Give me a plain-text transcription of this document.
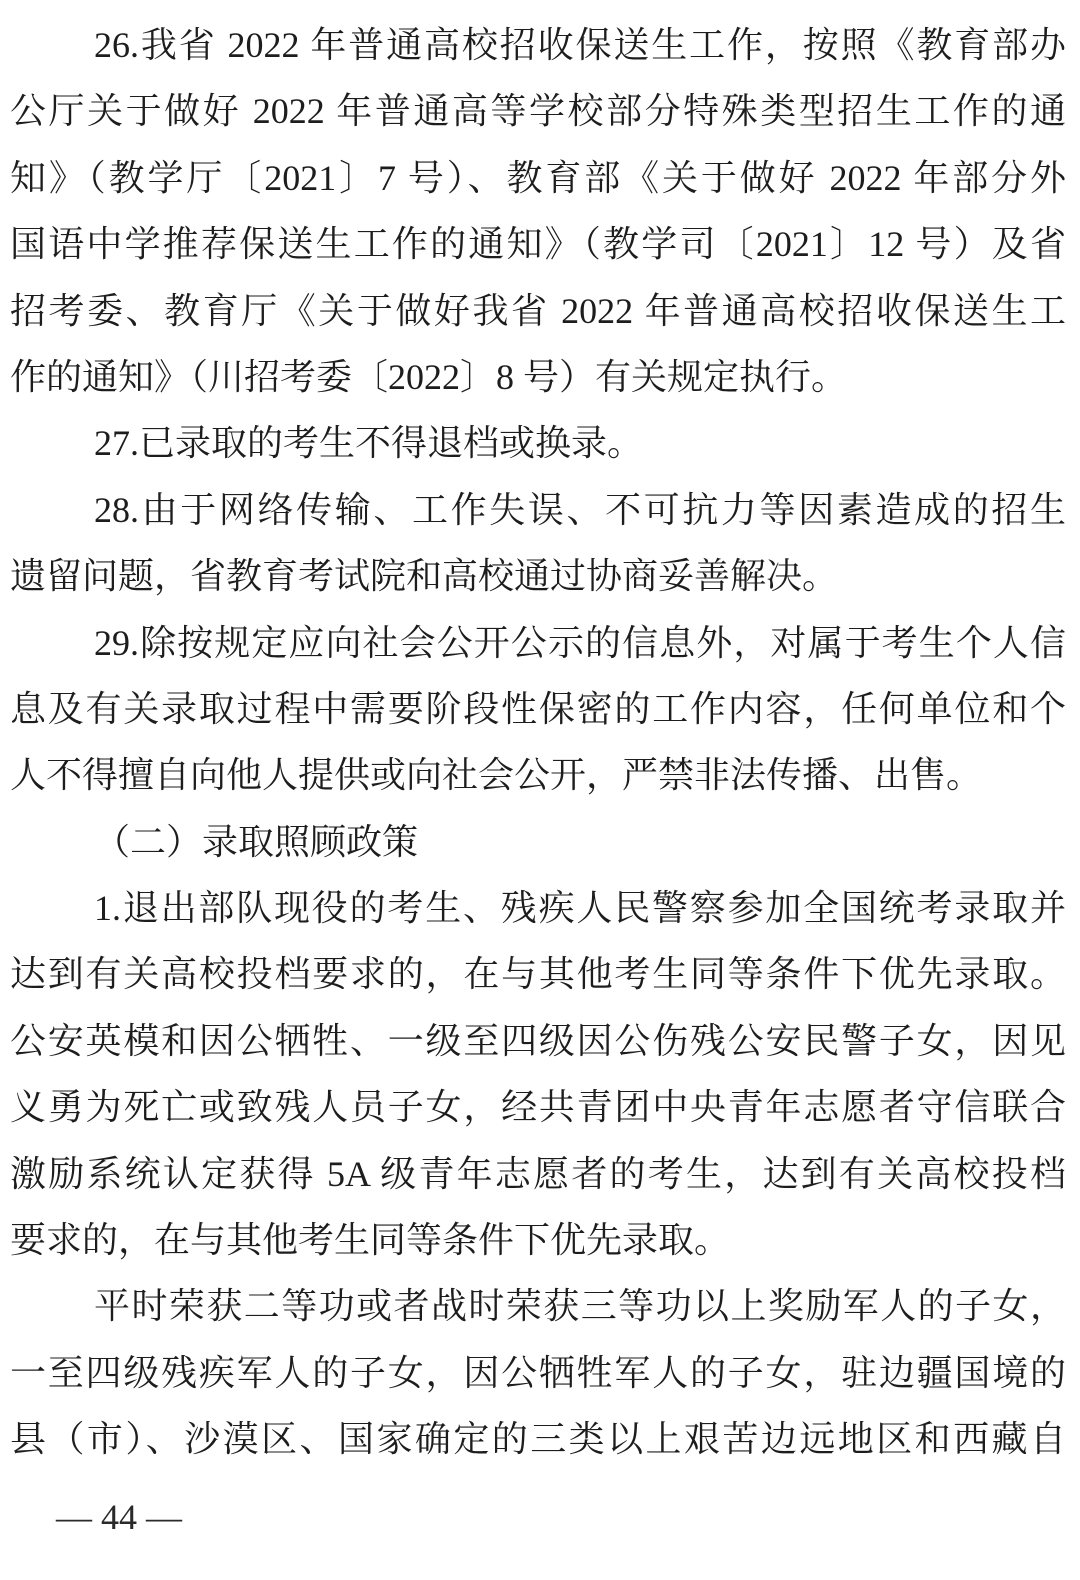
26.我省 2022 年普通高校招收保送生工作，按照《教育部办
公厅关于做好 2022 年普通高等学校部分特殊类型招生工作的通
知》（教学厅〔2021〕7 号）、教育部《关于做好 2022 年部分外
国语中学推荐保送生工作的通知》（教学司〔2021〕12 号）及省
招考委、教育厅《关于做好我省 2022 年普通高校招收保送生工
作的通知》（川招考委〔2022〕8 号）有关规定执行。
27.已录取的考生不得退档或换录。
28.由于网络传输、工作失误、不可抗力等因素造成的招生
遗留问题，省教育考试院和高校通过协商妥善解决。
29.除按规定应向社会公开公示的信息外，对属于考生个人信
息及有关录取过程中需要阶段性保密的工作内容，任何单位和个
人不得擅自向他人提供或向社会公开，严禁非法传播、出售。
（二）录取照顾政策
1.退出部队现役的考生、残疾人民警察参加全国统考录取并
达到有关高校投档要求的，在与其他考生同等条件下优先录取。
公安英模和因公牺牲、一级至四级因公伤残公安民警子女，因见
义勇为死亡或致残人员子女，经共青团中央青年志愿者守信联合
激励系统认定获得 5A 级青年志愿者的考生，达到有关高校投档
要求的，在与其他考生同等条件下优先录取。
平时荣获二等功或者战时荣获三等功以上奖励军人的子女，
一至四级残疾军人的子女，因公牺牲军人的子女，驻边疆国境的
县（市）、沙漠区、国家确定的三类以上艰苦边远地区和西藏自
— 44 —
